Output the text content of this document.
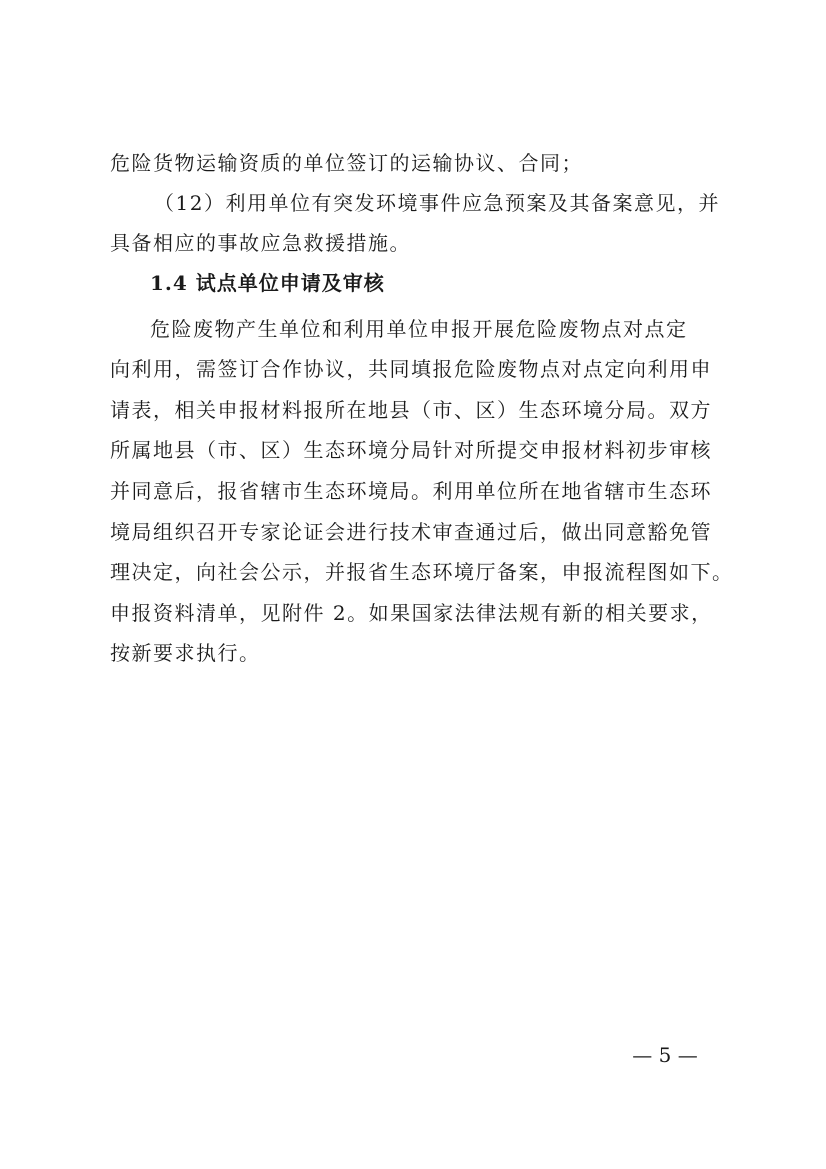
危险货物运输资质的单位签订的运输协议、合同；
（12）利用单位有突发环境事件应急预案及其备案意见，并
具备相应的事故应急救援措施。
1.4 试点单位申请及审核
危险废物产生单位和利用单位申报开展危险废物点对点定
向利用，需签订合作协议，共同填报危险废物点对点定向利用申
请表，相关申报材料报所在地县（市、区）生态环境分局。双方
所属地县（市、区）生态环境分局针对所提交申报材料初步审核
并同意后，报省辖市生态环境局。利用单位所在地省辖市生态环
境局组织召开专家论证会进行技术审查通过后，做出同意豁免管
理决定，向社会公示，并报省生态环境厅备案，申报流程图如下。
申报资料清单，见附件 2。如果国家法律法规有新的相关要求，
按新要求执行。
— 5 —
